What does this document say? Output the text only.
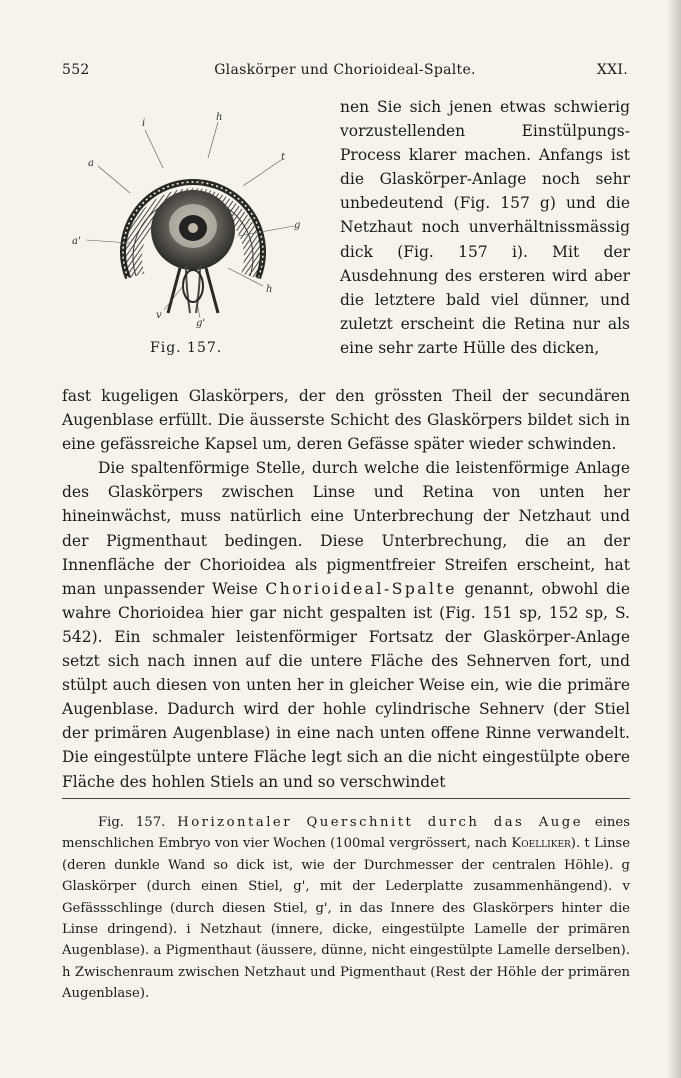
552	Glaskörper und Chorioideal-Spalte.	XXI.
i
h
a
t
g
a'
h
v
g'
Fig. 157.
nen Sie sich jenen etwas schwierig vorzustellenden Einstülpungs-Process klarer machen. Anfangs ist die Glaskörper-Anlage noch sehr unbedeutend (Fig. 157 g) und die Netzhaut noch unverhältnissmässig dick (Fig. 157 i). Mit der Ausdehnung des ersteren wird aber die letztere bald viel dünner, und zuletzt erscheint die Retina nur als eine sehr zarte Hülle des dicken,

fast kugeligen Glaskörpers, der den grössten Theil der secundären Augenblase erfüllt. Die äusserste Schicht des Glaskörpers bildet sich in eine gefässreiche Kapsel um, deren Gefässe später wieder schwinden.

Die spaltenförmige Stelle, durch welche die leistenförmige Anlage des Glaskörpers zwischen Linse und Retina von unten her hineinwächst, muss natürlich eine Unterbrechung der Netzhaut und der Pigmenthaut bedingen. Diese Unterbrechung, die an der Innenfläche der Chorioidea als pigmentfreier Streifen erscheint, hat man unpassender Weise Chorioideal-Spalte genannt, obwohl die wahre Chorioidea hier gar nicht gespalten ist (Fig. 151 sp, 152 sp, S. 542). Ein schmaler leistenförmiger Fortsatz der Glaskörper-Anlage setzt sich nach innen auf die untere Fläche des Sehnerven fort, und stülpt auch diesen von unten her in gleicher Weise ein, wie die primäre Augenblase. Dadurch wird der hohle cylindrische Sehnerv (der Stiel der primären Augenblase) in eine nach unten offene Rinne verwandelt. Die eingestülpte untere Fläche legt sich an die nicht eingestülpte obere Fläche des hohlen Stiels an und so verschwindet

Fig. 157. Horizontaler Querschnitt durch das Auge eines menschlichen Embryo von vier Wochen (100mal vergrössert, nach Koelliker). t Linse (deren dunkle Wand so dick ist, wie der Durchmesser der centralen Höhle). g Glaskörper (durch einen Stiel, g', mit der Lederplatte zusammenhängend). v Gefässschlinge (durch diesen Stiel, g', in das Innere des Glaskörpers hinter die Linse dringend). i Netzhaut (innere, dicke, eingestülpte Lamelle der primären Augenblase). a Pigmenthaut (äussere, dünne, nicht eingestülpte Lamelle derselben). h Zwischenraum zwischen Netzhaut und Pigmenthaut (Rest der Höhle der primären Augenblase).
